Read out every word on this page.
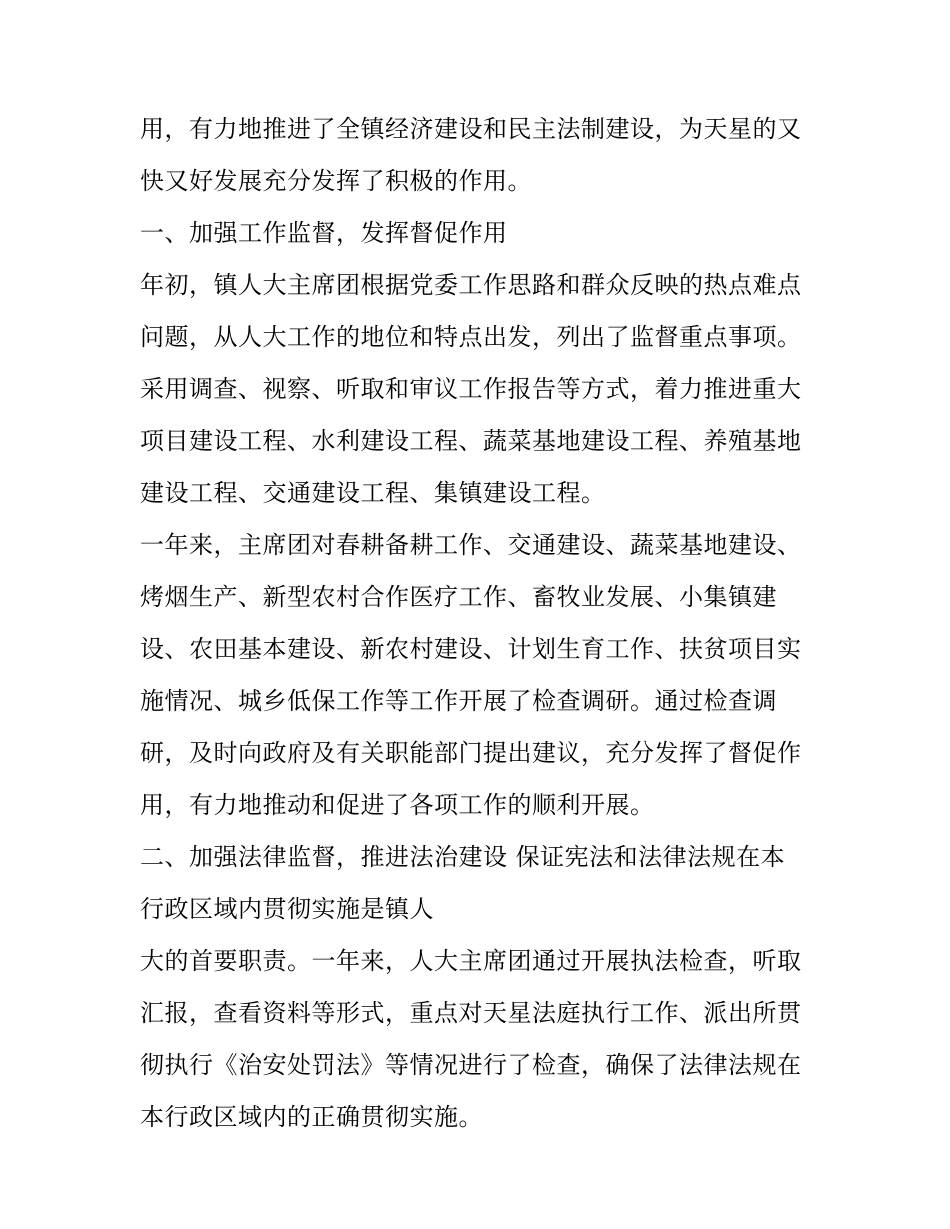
用，有力地推进了全镇经济建设和民主法制建设，为天星的又
快又好发展充分发挥了积极的作用。
一、加强工作监督，发挥督促作用
年初，镇人大主席团根据党委工作思路和群众反映的热点难点
问题，从人大工作的地位和特点出发，列出了监督重点事项。
采用调查、视察、听取和审议工作报告等方式，着力推进重大
项目建设工程、水利建设工程、蔬菜基地建设工程、养殖基地
建设工程、交通建设工程、集镇建设工程。
一年来，主席团对春耕备耕工作、交通建设、蔬菜基地建设、
烤烟生产、新型农村合作医疗工作、畜牧业发展、小集镇建
设、农田基本建设、新农村建设、计划生育工作、扶贫项目实
施情况、城乡低保工作等工作开展了检查调研。通过检查调
研，及时向政府及有关职能部门提出建议，充分发挥了督促作
用，有力地推动和促进了各项工作的顺利开展。
二、加强法律监督，推进法治建设 保证宪法和法律法规在本
行政区域内贯彻实施是镇人
大的首要职责。一年来，人大主席团通过开展执法检查，听取
汇报，查看资料等形式，重点对天星法庭执行工作、派出所贯
彻执行《治安处罚法》等情况进行了检查，确保了法律法规在
本行政区域内的正确贯彻实施。
